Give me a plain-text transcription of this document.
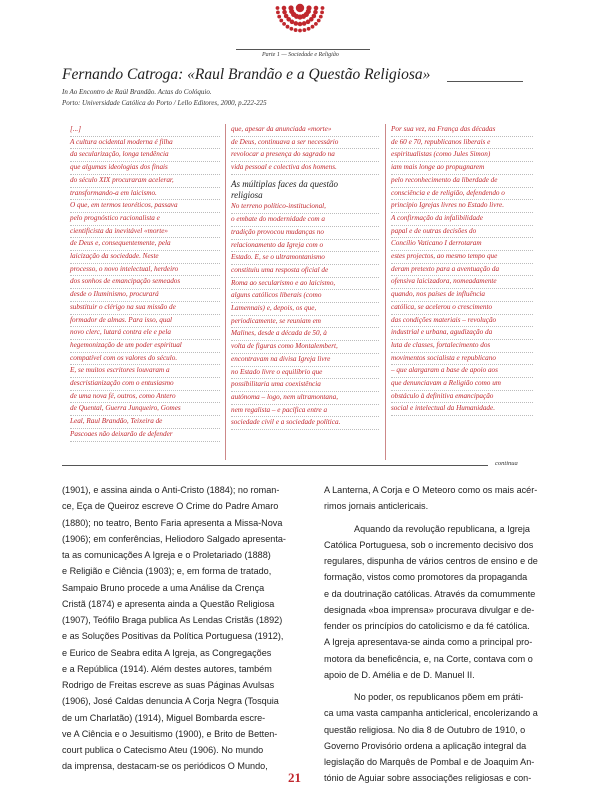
Parte 1 — Sociedade e Religião
Fernando Catroga: «Raul Brandão e a Questão Religiosa»
In Ao Encontro de Raúl Brandão. Actas do Colóquio.
Porto: Universidade Católica do Porto / Lello Editores, 2000, p.222-225
[...]
A cultura ocidental moderna é filha
da secularização, longa tendência
que algumas ideologias dos finais
do século XIX procuraram acelerar,
transformando-a em laicismo.
O que, em termos teoréticos, passava
pelo prognóstico racionalista e
cientificista da inevitável «morte»
de Deus e, consequentemente, pela
laicização da sociedade. Neste
processo, o novo intelectual, herdeiro
dos sonhos de emancipação semeados
desde o Iluminismo, procurará
substituir o clérigo na sua missão de
formador de almas. Para isso, qual
novo clerc, lutará contra ele e pela
hegemonização de um poder espiritual
compatível com os valores do século.
E, se muitos escritores louvaram a
descristianização com o entusiasmo
de uma nova fé, outros, como Antero
de Quental, Guerra Junqueiro, Gomes
Leal, Raul Brandão, Teixeira de
Pascoaes não deixarão de defender
que, apesar da anunciada «morte»
de Deus, continuava a ser necessário
revolocar a presença do sagrado na
vida pessoal e colectiva dos homens.
As múltiplas faces da questão
religiosa
No terreno político-institucional,
o embate do modernidade com a
tradição provocou mudanças no
relacionamento da Igreja com o
Estado. E, se o ultramontanismo
constituiu uma resposta oficial de
Roma ao secularismo e ao laicismo,
alguns católicos liberais (como
Lamennais) e, depois, os que,
periodicamente, se reuniam em
Malines, desde a década de 50, à
volta de figuras como Montalembert,
encontravam na divisa Igreja livre
no Estado livre o equilíbrio que
possibilitaria uma coexistência
autónoma – logo, nem ultramontana,
nem regalista – e pacífica entre a
sociedade civil e a sociedade política.
Por sua vez, na França das décadas
de 60 e 70, republicanos liberais e
espiritualistas (como Jules Simon)
iam mais longe ao propugnarem
pelo reconhecimento da liberdade de
consciência e de religião, defendendo o
princípio Igrejas livres no Estado livre.
A confirmação da infalibilidade
papal e de outras decisões do
Concílio Vaticano I derrotaram
estes projectos, ao mesmo tempo que
deram pretexto para a aventuação da
ofensiva laicizadora, nomeadamente
quando, nos países de influência
católica, se acelerou o crescimento
das condições materiais – revolução
industrial e urbana, agudização da
luta de classes, fortalecimento dos
movimentos socialista e republicano
– que alargaram a base de apoio aos
que denunciavam a Religião como um
obstáculo à definitiva emancipação
social e intelectual da Humanidade.
continua
(1901), e assina ainda o Anti-Cristo (1884); no roman-
ce, Eça de Queiroz escreve O Crime do Padre Amaro
(1880); no teatro, Bento Faria apresenta a Missa-Nova
(1906); em conferências, Heliodoro Salgado apresenta-
ta as comunicações A Igreja e o Proletariado (1888)
e Religião e Ciência (1903); e, em forma de tratado,
Sampaio Bruno procede a uma Análise da Crença
Cristã (1874) e apresenta ainda a Questão Religiosa
(1907), Teófilo Braga publica As Lendas Cristãs (1892)
e as Soluções Positivas da Política Portuguesa (1912),
e Eurico de Seabra edita A Igreja, as Congregações
e a República (1914). Além destes autores, também
Rodrigo de Freitas escreve as suas Páginas Avulsas
(1906), José Caldas denuncia A Corja Negra (Tosquia
de um Charlatão) (1914), Miguel Bombarda escre-
ve A Ciência e o Jesuitismo (1900), e Brito de Betten-
court publica o Catecismo Ateu (1906). No mundo
da imprensa, destacam-se os periódicos O Mundo,
A Lanterna, A Corja e O Meteoro como os mais acér-
rimos jornais anticlericais.
Aquando da revolução republicana, a Igreja
Católica Portuguesa, sob o incremento decisivo dos
regulares, dispunha de vários centros de ensino e de
formação, vistos como promotores da propaganda
e da doutrinação católicas. Através da comummente
designada «boa imprensa» procurava divulgar e de-
fender os princípios do catolicismo e da fé católica.
A Igreja apresentava-se ainda como a principal pro-
motora da beneficência, e, na Corte, contava com o
apoio de D. Amélia e de D. Manuel II.
No poder, os republicanos põem em práti-
ca uma vasta campanha anticlerical, encolerizando a
questão religiosa. No dia 8 de Outubro de 1910, o
Governo Provisório ordena a aplicação integral da
legislação do Marquês de Pombal e de Joaquim An-
tónio de Aguiar sobre associações religiosas e con-
21
